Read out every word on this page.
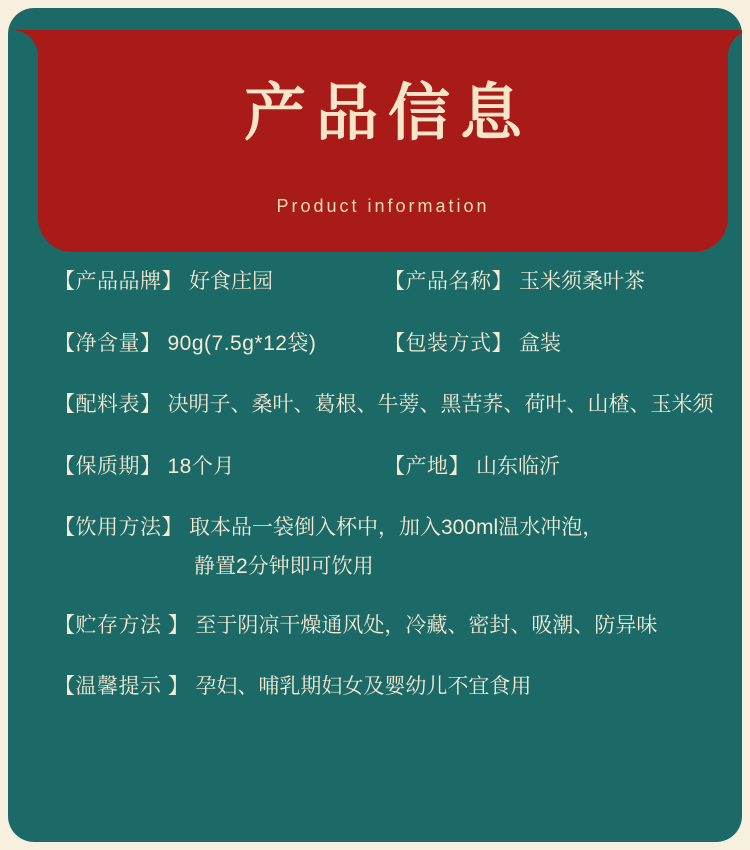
产品信息
Product information
【产品品牌】 好食庄园	【产品名称】 玉米须桑叶茶
【净含量】 90g(7.5g*12袋)	【包装方式】 盒装
【配料表】 决明子、桑叶、葛根、牛蒡、黑苦荞、荷叶、山楂、玉米须
【保质期】 18个月	【产地】 山东临沂
【饮用方法】 取本品一袋倒入杯中，加入300ml温水冲泡，
静置2分钟即可饮用
【贮存方法 】 至于阴凉干燥通风处，冷藏、密封、吸潮、防异味
【温馨提示 】 孕妇、哺乳期妇女及婴幼儿不宜食用
